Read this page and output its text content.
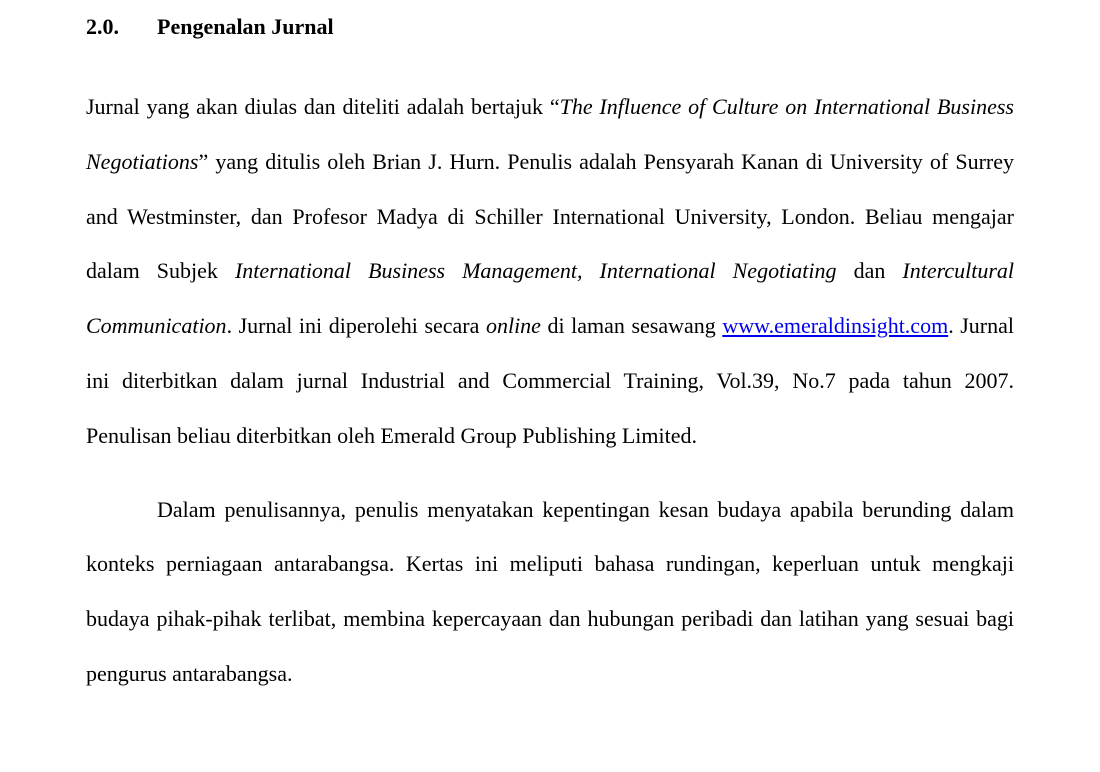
2.0. Pengenalan Jurnal

Jurnal yang akan diulas dan diteliti adalah bertajuk “The Influence of Culture on International Business Negotiations” yang ditulis oleh Brian J. Hurn. Penulis adalah Pensyarah Kanan di University of Surrey and Westminster, dan Profesor Madya di Schiller International University, London. Beliau mengajar dalam Subjek International Business Management, International Negotiating dan Intercultural Communication. Jurnal ini diperolehi secara online di laman sesawang www.emeraldinsight.com. Jurnal ini diterbitkan dalam jurnal Industrial and Commercial Training, Vol.39, No.7 pada tahun 2007. Penulisan beliau diterbitkan oleh Emerald Group Publishing Limited.

Dalam penulisannya, penulis menyatakan kepentingan kesan budaya apabila berunding dalam konteks perniagaan antarabangsa. Kertas ini meliputi bahasa rundingan, keperluan untuk mengkaji budaya pihak-pihak terlibat, membina kepercayaan dan hubungan peribadi dan latihan yang sesuai bagi pengurus antarabangsa.
